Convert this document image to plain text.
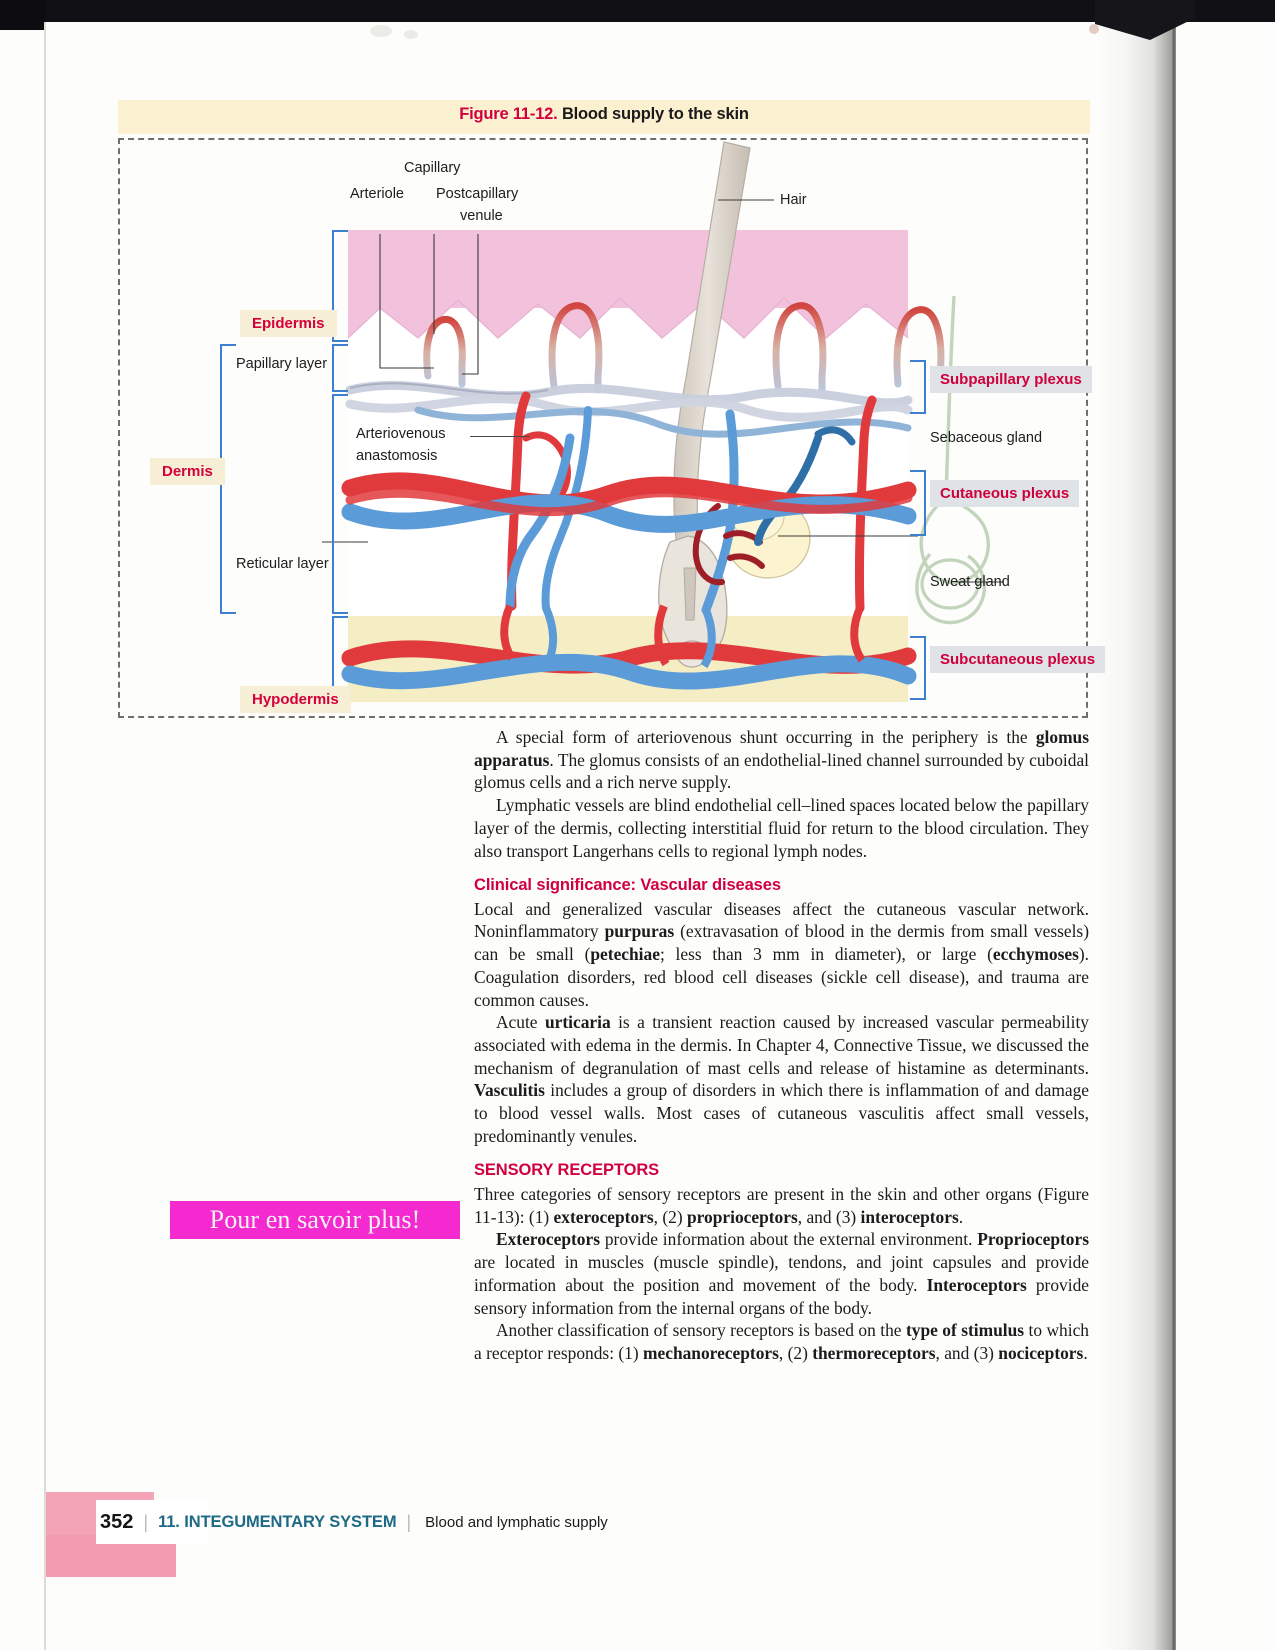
Figure 11-12. Blood supply to the skin
Epidermis
Dermis
Hypodermis
Papillary layer
Reticular layer
Arteriole
Capillary
Postcapillary
venule
Hair
Arteriovenous
anastomosis
Subpapillary plexus
Sebaceous gland
Cutaneous plexus
Sweat gland
Subcutaneous plexus

A special form of arteriovenous shunt occurring in the periphery is the glomus apparatus. The glomus consists of an endothelial-lined channel surrounded by cuboidal glomus cells and a rich nerve supply.

Lymphatic vessels are blind endothelial cell–lined spaces located below the papillary layer of the dermis, collecting interstitial fluid for return to the blood circulation. They also transport Langerhans cells to regional lymph nodes.

Clinical significance: Vascular diseases

Local and generalized vascular diseases affect the cutaneous vascular network. Noninflammatory purpuras (extravasation of blood in the dermis from small vessels) can be small (petechiae; less than 3 mm in diameter), or large (ecchymoses). Coagulation disorders, red blood cell diseases (sickle cell disease), and trauma are common causes.

Acute urticaria is a transient reaction caused by increased vascular permeability associated with edema in the dermis. In Chapter 4, Connective Tissue, we discussed the mechanism of degranulation of mast cells and release of histamine as determinants. Vasculitis includes a group of disorders in which there is inflammation of and damage to blood vessel walls. Most cases of cutaneous vasculitis affect small vessels, predominantly venules.

SENSORY RECEPTORS

Three categories of sensory receptors are present in the skin and other organs (Figure 11-13): (1) exteroceptors, (2) proprioceptors, and (3) interoceptors.

Exteroceptors provide information about the external environment. Proprioceptors are located in muscles (muscle spindle), tendons, and joint capsules and provide information about the position and movement of the body. Interoceptors provide sensory information from the internal organs of the body.

Another classification of sensory receptors is based on the type of stimulus to which a receptor responds: (1) mechanoreceptors, (2) thermoreceptors, and (3) nociceptors.

Pour en savoir plus!
352 | 11. INTEGUMENTARY SYSTEM | Blood and lymphatic supply
